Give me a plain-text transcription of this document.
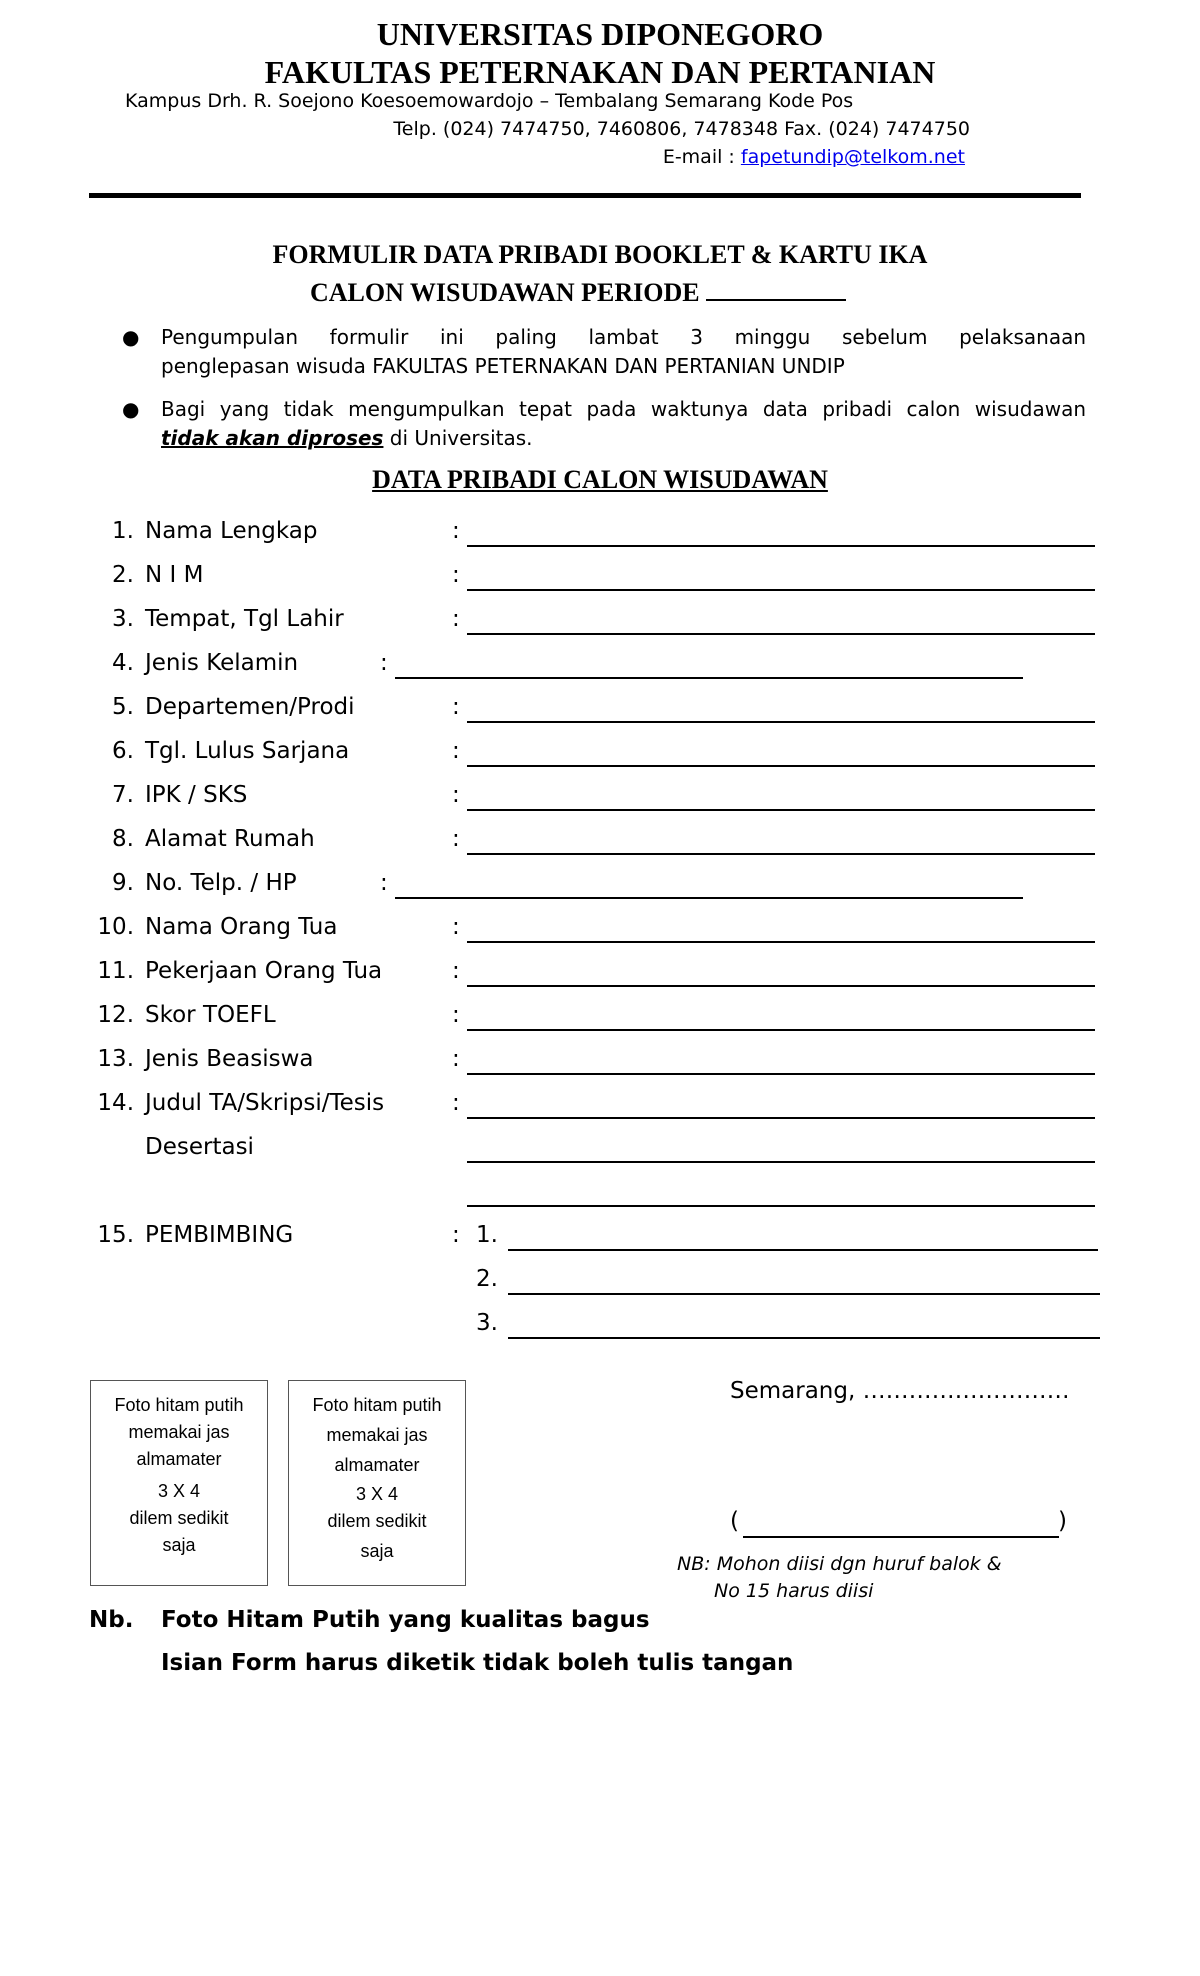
UNIVERSITAS DIPONEGORO
FAKULTAS PETERNAKAN DAN PERTANIAN
Kampus Drh. R. Soejono Koesoemowardojo – Tembalang Semarang Kode Pos
Telp. (024) 7474750, 7460806, 7478348 Fax. (024) 7474750
E-mail : fapetundip@telkom.net
FORMULIR DATA PRIBADI BOOKLET & KARTU IKA
CALON WISUDAWAN PERIODE
● Pengumpulan formulir ini paling lambat 3 minggu sebelum pelaksanaan
penglepasan wisuda FAKULTAS PETERNAKAN DAN PERTANIAN UNDIP
● Bagi yang tidak mengumpulkan tepat pada waktunya data pribadi calon wisudawan
tidak akan diproses di Universitas.
DATA PRIBADI CALON WISUDAWAN
1. Nama Lengkap	:
2. N I M	:
3. Tempat, Tgl Lahir	:
4. Jenis Kelamin	:
5. Departemen/Prodi	:
6. Tgl. Lulus Sarjana	:
7. IPK / SKS	:
8. Alamat Rumah	:
9. No. Telp. / HP	:
10. Nama Orang Tua	:
11. Pekerjaan Orang Tua	:
12. Skor TOEFL	:
13. Jenis Beasiswa	:
14. Judul TA/Skripsi/Tesis	:
Desertasi
15. PEMBIMBING	: 1.
2.
3.
Foto hitam putih
memakai jas
almamater
3 X 4
dilem sedikit
saja
Foto hitam putih
memakai jas
almamater
3 X 4
dilem sedikit
saja
Semarang, ………………………
(	)
NB: Mohon diisi dgn huruf balok &
No 15 harus diisi
Nb. Foto Hitam Putih yang kualitas bagus
Isian Form harus diketik tidak boleh tulis tangan
